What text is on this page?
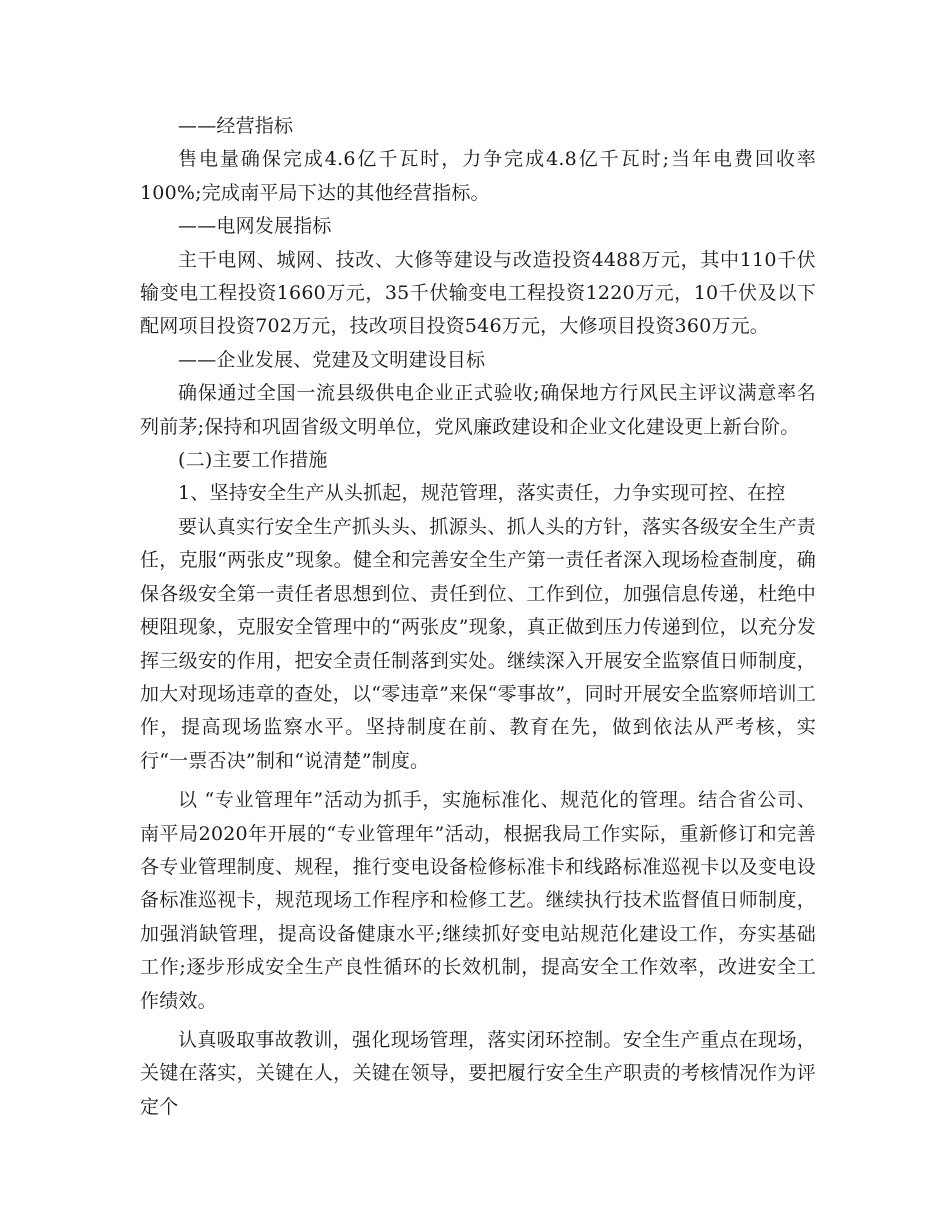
——经营指标

售电量确保完成4.6亿千瓦时，力争完成4.8亿千瓦时;当年电费回收率100%;完成南平局下达的其他经营指标。

——电网发展指标

主干电网、城网、技改、大修等建设与改造投资4488万元，其中110千伏输变电工程投资1660万元，35千伏输变电工程投资1220万元，10千伏及以下配网项目投资702万元，技改项目投资546万元，大修项目投资360万元。

——企业发展、党建及文明建设目标

确保通过全国一流县级供电企业正式验收;确保地方行风民主评议满意率名列前茅;保持和巩固省级文明单位，党风廉政建设和企业文化建设更上新台阶。

(二)主要工作措施

1、坚持安全生产从头抓起，规范管理，落实责任，力争实现可控、在控

要认真实行安全生产抓头头、抓源头、抓人头的方针，落实各级安全生产责任，克服“两张皮”现象。健全和完善安全生产第一责任者深入现场检查制度，确保各级安全第一责任者思想到位、责任到位、工作到位，加强信息传递，杜绝中梗阻现象，克服安全管理中的“两张皮”现象，真正做到压力传递到位，以充分发挥三级安的作用，把安全责任制落到实处。继续深入开展安全监察值日师制度，加大对现场违章的查处，以“零违章”来保“零事故”，同时开展安全监察师培训工作，提高现场监察水平。坚持制度在前、教育在先，做到依法从严考核，实行“一票否决”制和“说清楚”制度。

以 “专业管理年”活动为抓手，实施标准化、规范化的管理。结合省公司、南平局2020年开展的“专业管理年”活动，根据我局工作实际，重新修订和完善各专业管理制度、规程，推行变电设备检修标准卡和线路标准巡视卡以及变电设备标准巡视卡，规范现场工作程序和检修工艺。继续执行技术监督值日师制度，加强消缺管理，提高设备健康水平;继续抓好变电站规范化建设工作，夯实基础工作;逐步形成安全生产良性循环的长效机制，提高安全工作效率，改进安全工作绩效。

认真吸取事故教训，强化现场管理，落实闭环控制。安全生产重点在现场，关键在落实，关键在人，关键在领导，要把履行安全生产职责的考核情况作为评定个
